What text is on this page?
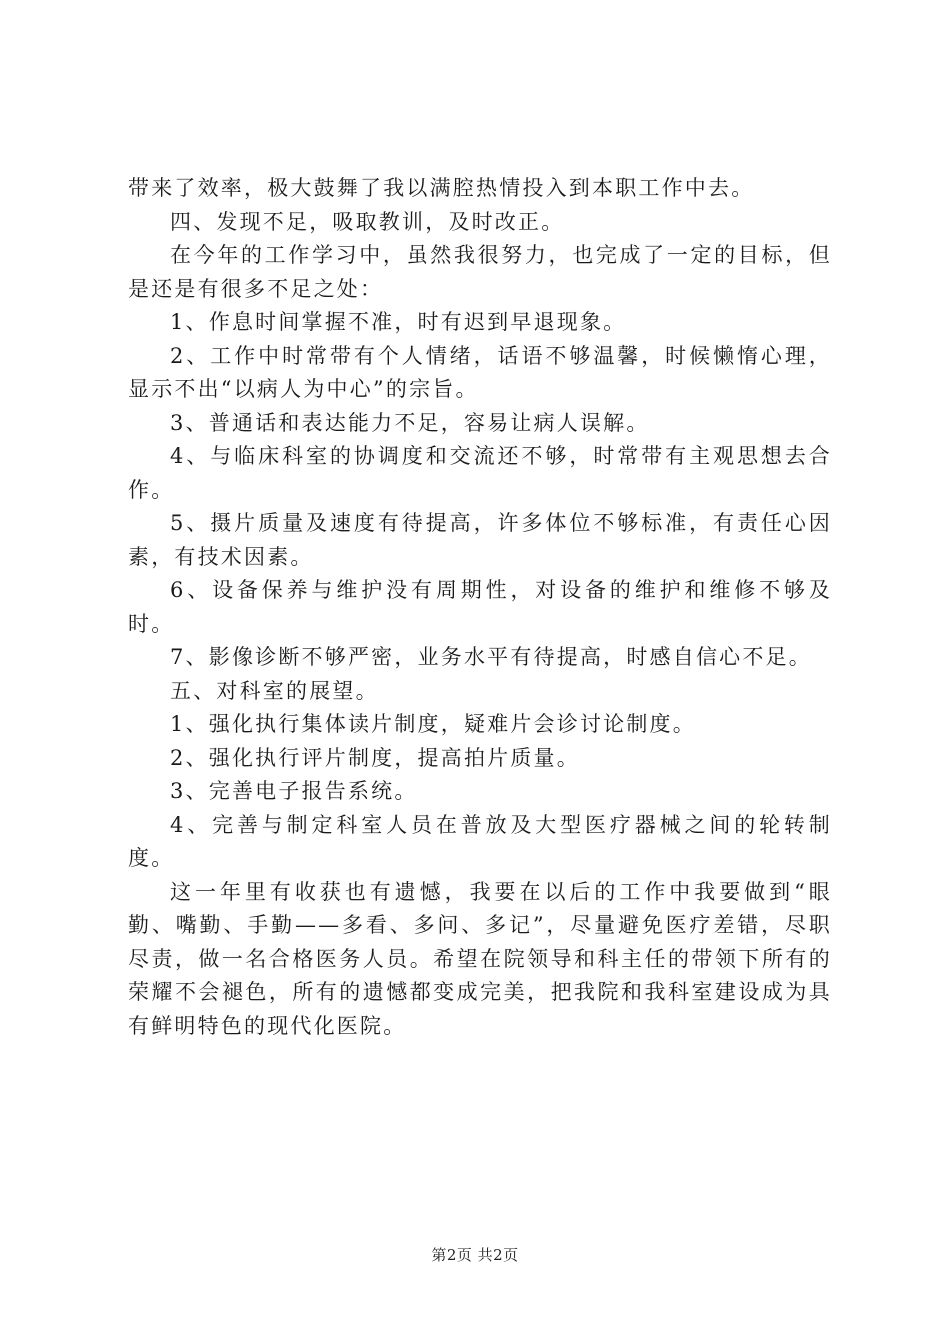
带来了效率，极大鼓舞了我以满腔热情投入到本职工作中去。

四、发现不足，吸取教训，及时改正。

在今年的工作学习中，虽然我很努力，也完成了一定的目标，但是还是有很多不足之处：

1、作息时间掌握不准，时有迟到早退现象。

2、工作中时常带有个人情绪，话语不够温馨，时候懒惰心理，显示不出“以病人为中心”的宗旨。

3、普通话和表达能力不足，容易让病人误解。

4、与临床科室的协调度和交流还不够，时常带有主观思想去合作。

5、摄片质量及速度有待提高，许多体位不够标准，有责任心因素，有技术因素。

6、设备保养与维护没有周期性，对设备的维护和维修不够及时。

7、影像诊断不够严密，业务水平有待提高，时感自信心不足。

五、对科室的展望。

1、强化执行集体读片制度，疑难片会诊讨论制度。

2、强化执行评片制度，提高拍片质量。

3、完善电子报告系统。

4、完善与制定科室人员在普放及大型医疗器械之间的轮转制度。

这一年里有收获也有遗憾，我要在以后的工作中我要做到“眼勤、嘴勤、手勤——多看、多问、多记”，尽量避免医疗差错，尽职尽责，做一名合格医务人员。希望在院领导和科主任的带领下所有的荣耀不会褪色，所有的遗憾都变成完美，把我院和我科室建设成为具有鲜明特色的现代化医院。

第2页 共2页
